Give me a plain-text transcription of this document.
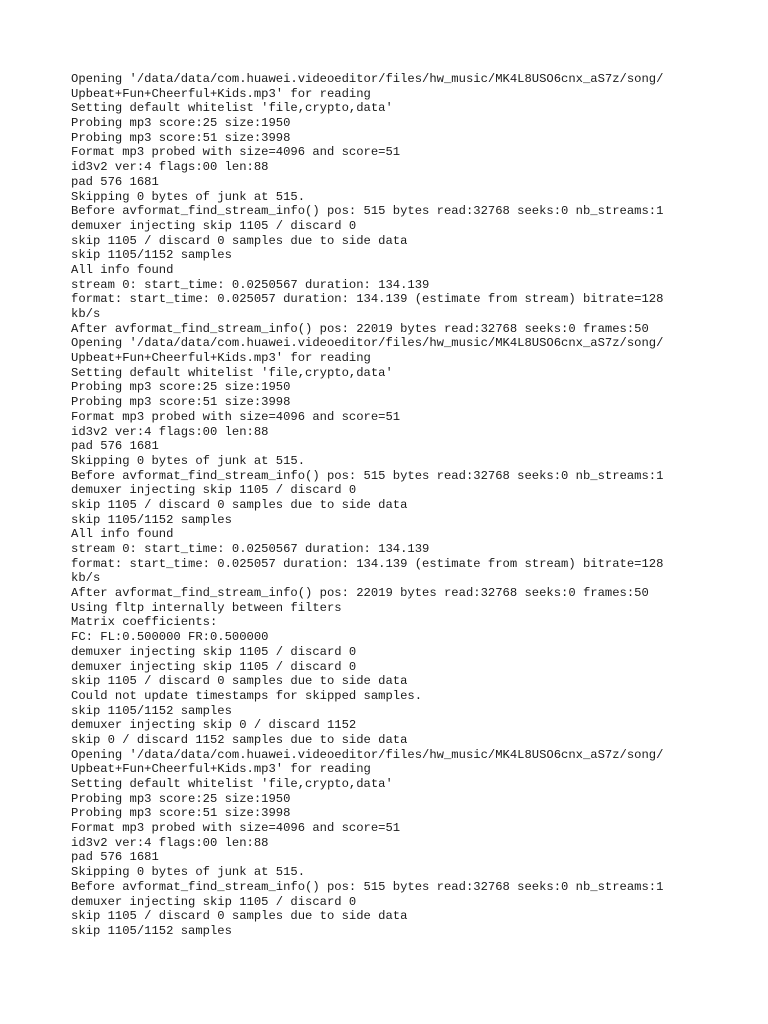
Opening '/data/data/com.huawei.videoeditor/files/hw_music/MK4L8USO6cnx_aS7z/song/
Upbeat+Fun+Cheerful+Kids.mp3' for reading
Setting default whitelist 'file,crypto,data'
Probing mp3 score:25 size:1950
Probing mp3 score:51 size:3998
Format mp3 probed with size=4096 and score=51
id3v2 ver:4 flags:00 len:88
pad 576 1681
Skipping 0 bytes of junk at 515.
Before avformat_find_stream_info() pos: 515 bytes read:32768 seeks:0 nb_streams:1
demuxer injecting skip 1105 / discard 0
skip 1105 / discard 0 samples due to side data
skip 1105/1152 samples
All info found
stream 0: start_time: 0.0250567 duration: 134.139
format: start_time: 0.025057 duration: 134.139 (estimate from stream) bitrate=128
kb/s
After avformat_find_stream_info() pos: 22019 bytes read:32768 seeks:0 frames:50
Opening '/data/data/com.huawei.videoeditor/files/hw_music/MK4L8USO6cnx_aS7z/song/
Upbeat+Fun+Cheerful+Kids.mp3' for reading
Setting default whitelist 'file,crypto,data'
Probing mp3 score:25 size:1950
Probing mp3 score:51 size:3998
Format mp3 probed with size=4096 and score=51
id3v2 ver:4 flags:00 len:88
pad 576 1681
Skipping 0 bytes of junk at 515.
Before avformat_find_stream_info() pos: 515 bytes read:32768 seeks:0 nb_streams:1
demuxer injecting skip 1105 / discard 0
skip 1105 / discard 0 samples due to side data
skip 1105/1152 samples
All info found
stream 0: start_time: 0.0250567 duration: 134.139
format: start_time: 0.025057 duration: 134.139 (estimate from stream) bitrate=128
kb/s
After avformat_find_stream_info() pos: 22019 bytes read:32768 seeks:0 frames:50
Using fltp internally between filters
Matrix coefficients:
FC: FL:0.500000 FR:0.500000
demuxer injecting skip 1105 / discard 0
demuxer injecting skip 1105 / discard 0
skip 1105 / discard 0 samples due to side data
Could not update timestamps for skipped samples.
skip 1105/1152 samples
demuxer injecting skip 0 / discard 1152
skip 0 / discard 1152 samples due to side data
Opening '/data/data/com.huawei.videoeditor/files/hw_music/MK4L8USO6cnx_aS7z/song/
Upbeat+Fun+Cheerful+Kids.mp3' for reading
Setting default whitelist 'file,crypto,data'
Probing mp3 score:25 size:1950
Probing mp3 score:51 size:3998
Format mp3 probed with size=4096 and score=51
id3v2 ver:4 flags:00 len:88
pad 576 1681
Skipping 0 bytes of junk at 515.
Before avformat_find_stream_info() pos: 515 bytes read:32768 seeks:0 nb_streams:1
demuxer injecting skip 1105 / discard 0
skip 1105 / discard 0 samples due to side data
skip 1105/1152 samples
